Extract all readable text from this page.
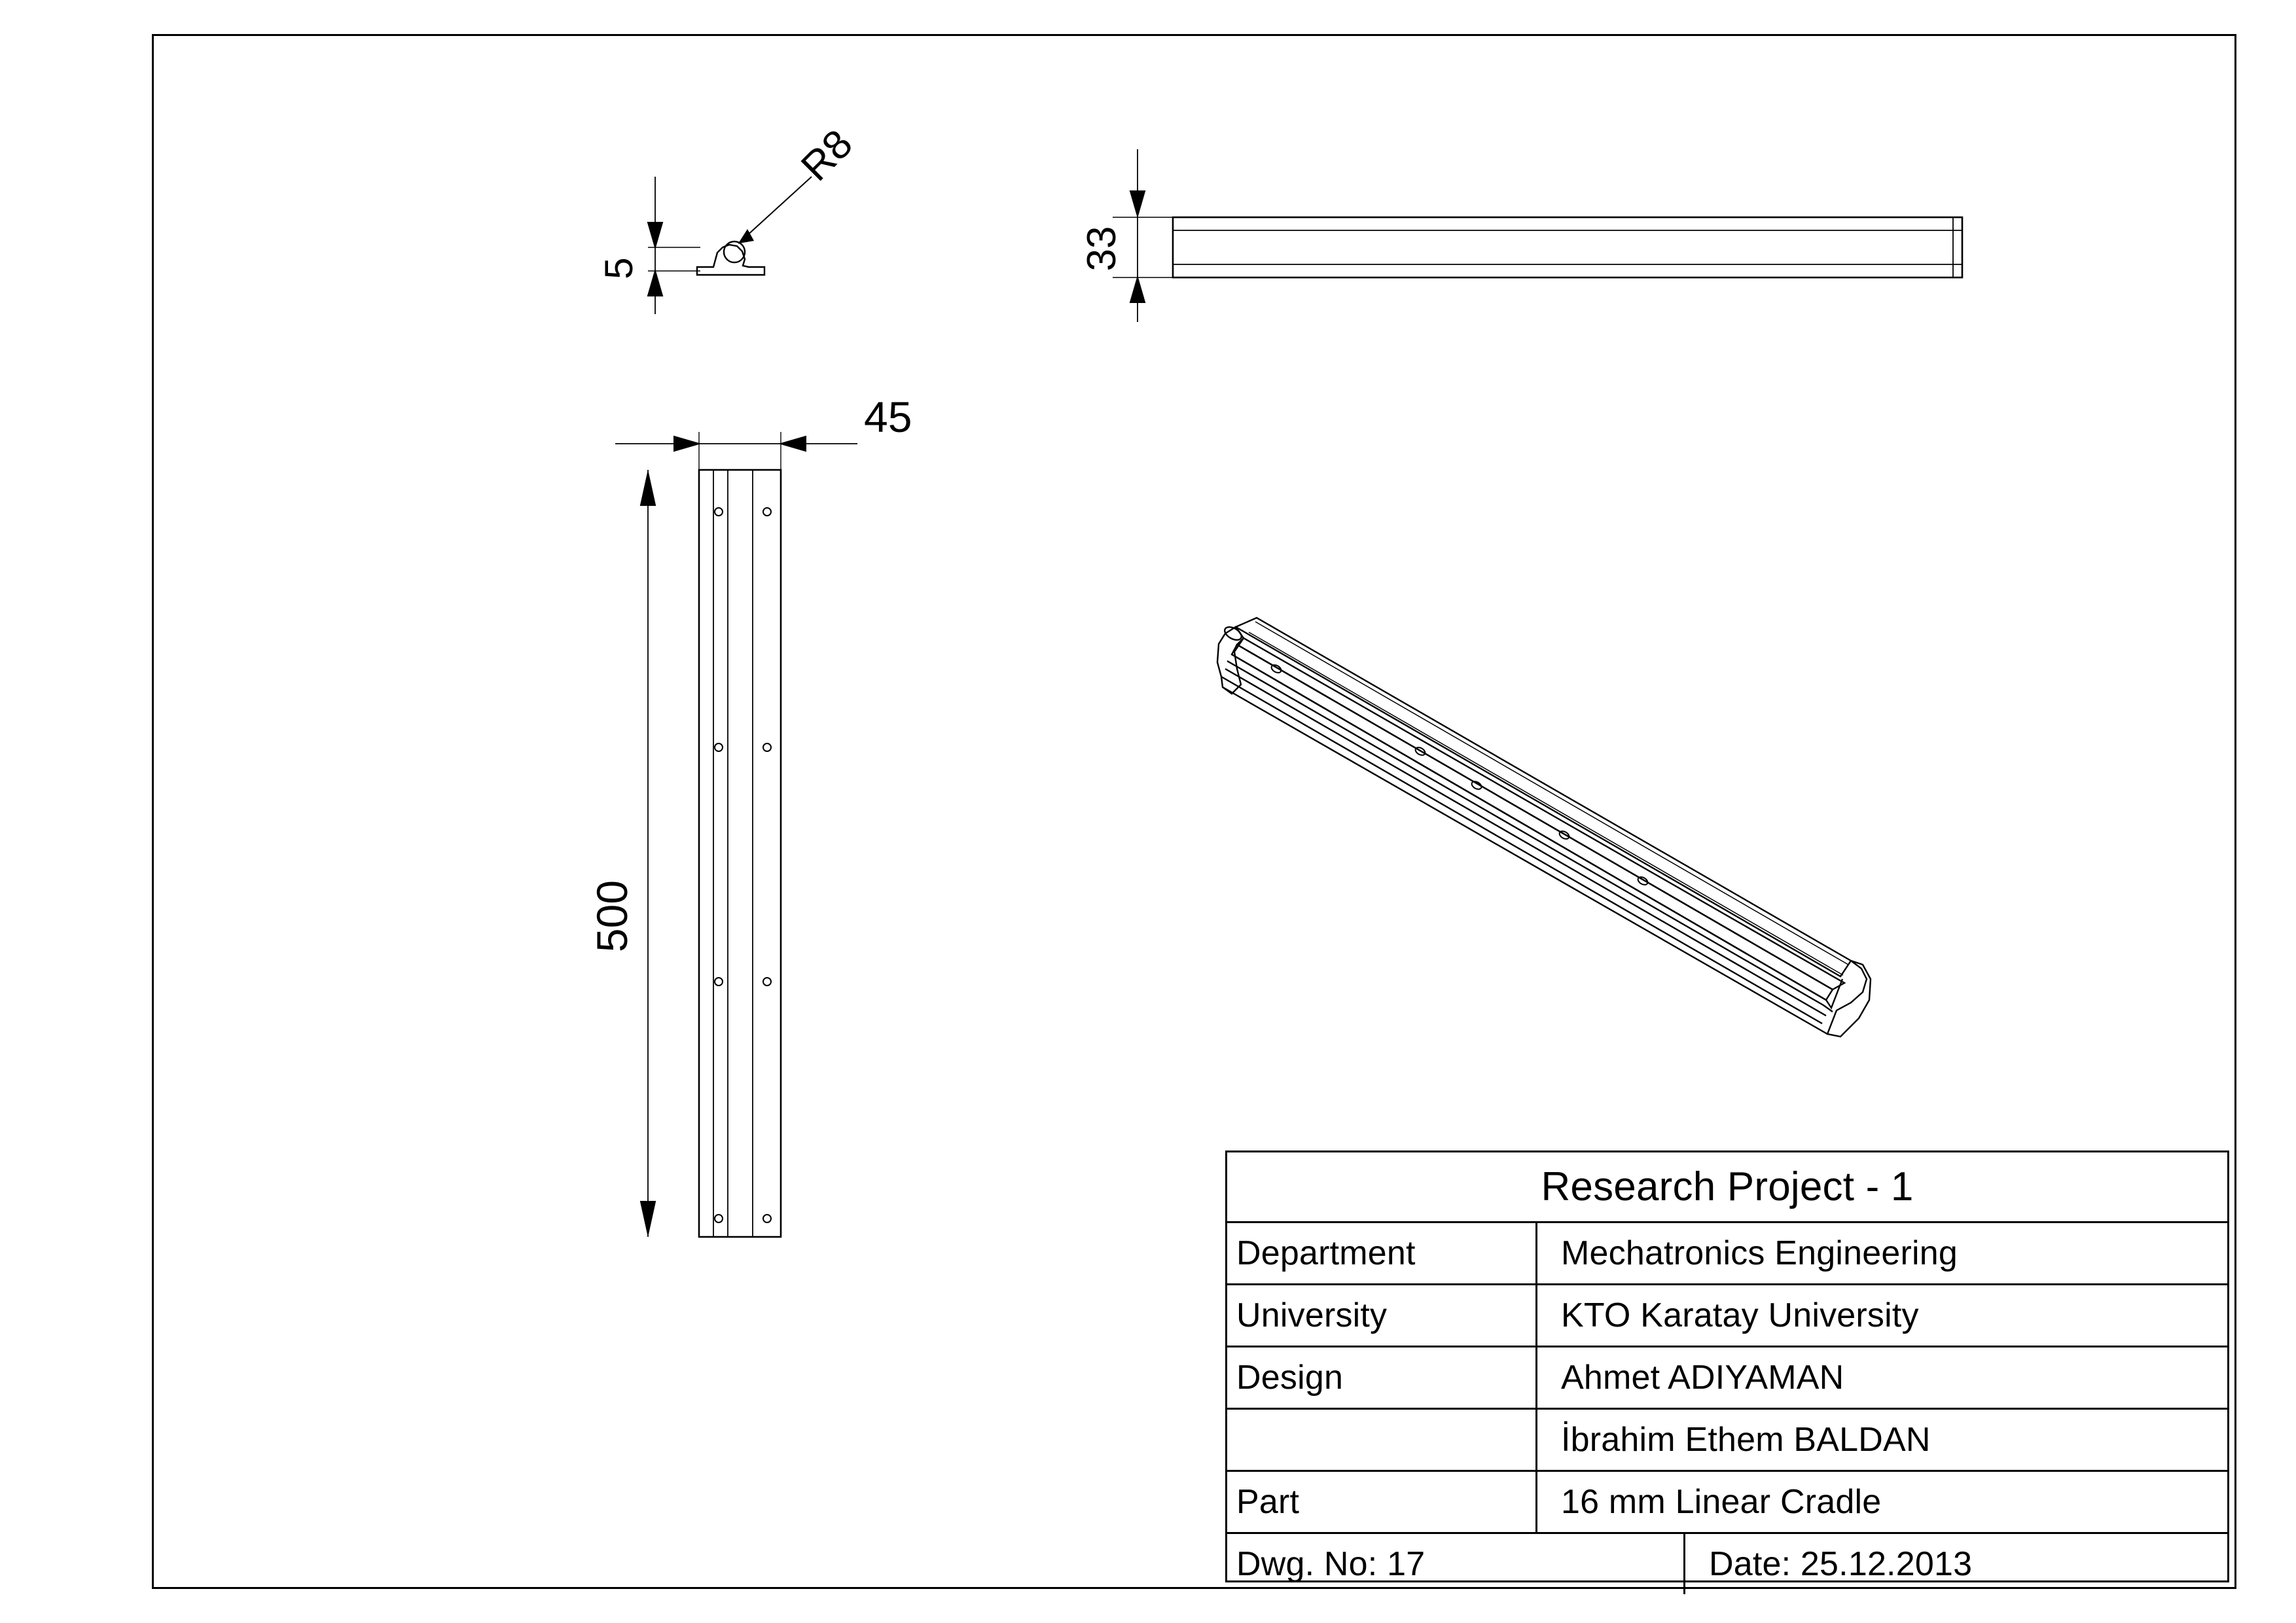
5
R8
33
45
500
Research Project - 1
Department	Mechatronics Engineering
University	KTO Karatay University
Design	Ahmet ADIYAMAN
İbrahim Ethem BALDAN
Part	16 mm Linear Cradle
Dwg. No: 17	Date: 25.12.2013
